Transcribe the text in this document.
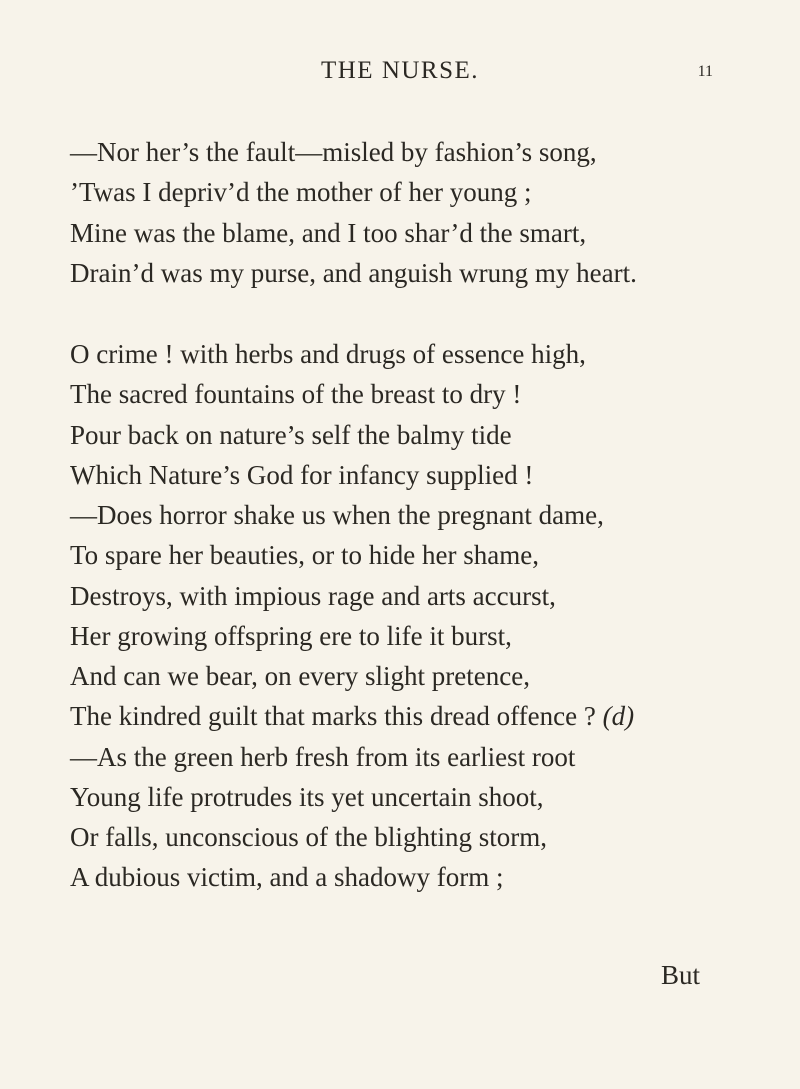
THE NURSE.	11
—Nor her’s the fault—misled by fashion’s song,
’Twas I depriv’d the mother of her young ;
Mine was the blame, and I too shar’d the smart,
Drain’d was my purse, and anguish wrung my heart.
O crime ! with herbs and drugs of essence high,
The sacred fountains of the breast to dry !
Pour back on nature’s self the balmy tide
Which Nature’s God for infancy supplied !
—Does horror shake us when the pregnant dame,
To spare her beauties, or to hide her shame,
Destroys, with impious rage and arts accurst,
Her growing offspring ere to life it burst,
And can we bear, on every slight pretence,
The kindred guilt that marks this dread offence ? (d)
—As the green herb fresh from its earliest root
Young life protrudes its yet uncertain shoot,
Or falls, unconscious of the blighting storm,
A dubious victim, and a shadowy form ;
But
